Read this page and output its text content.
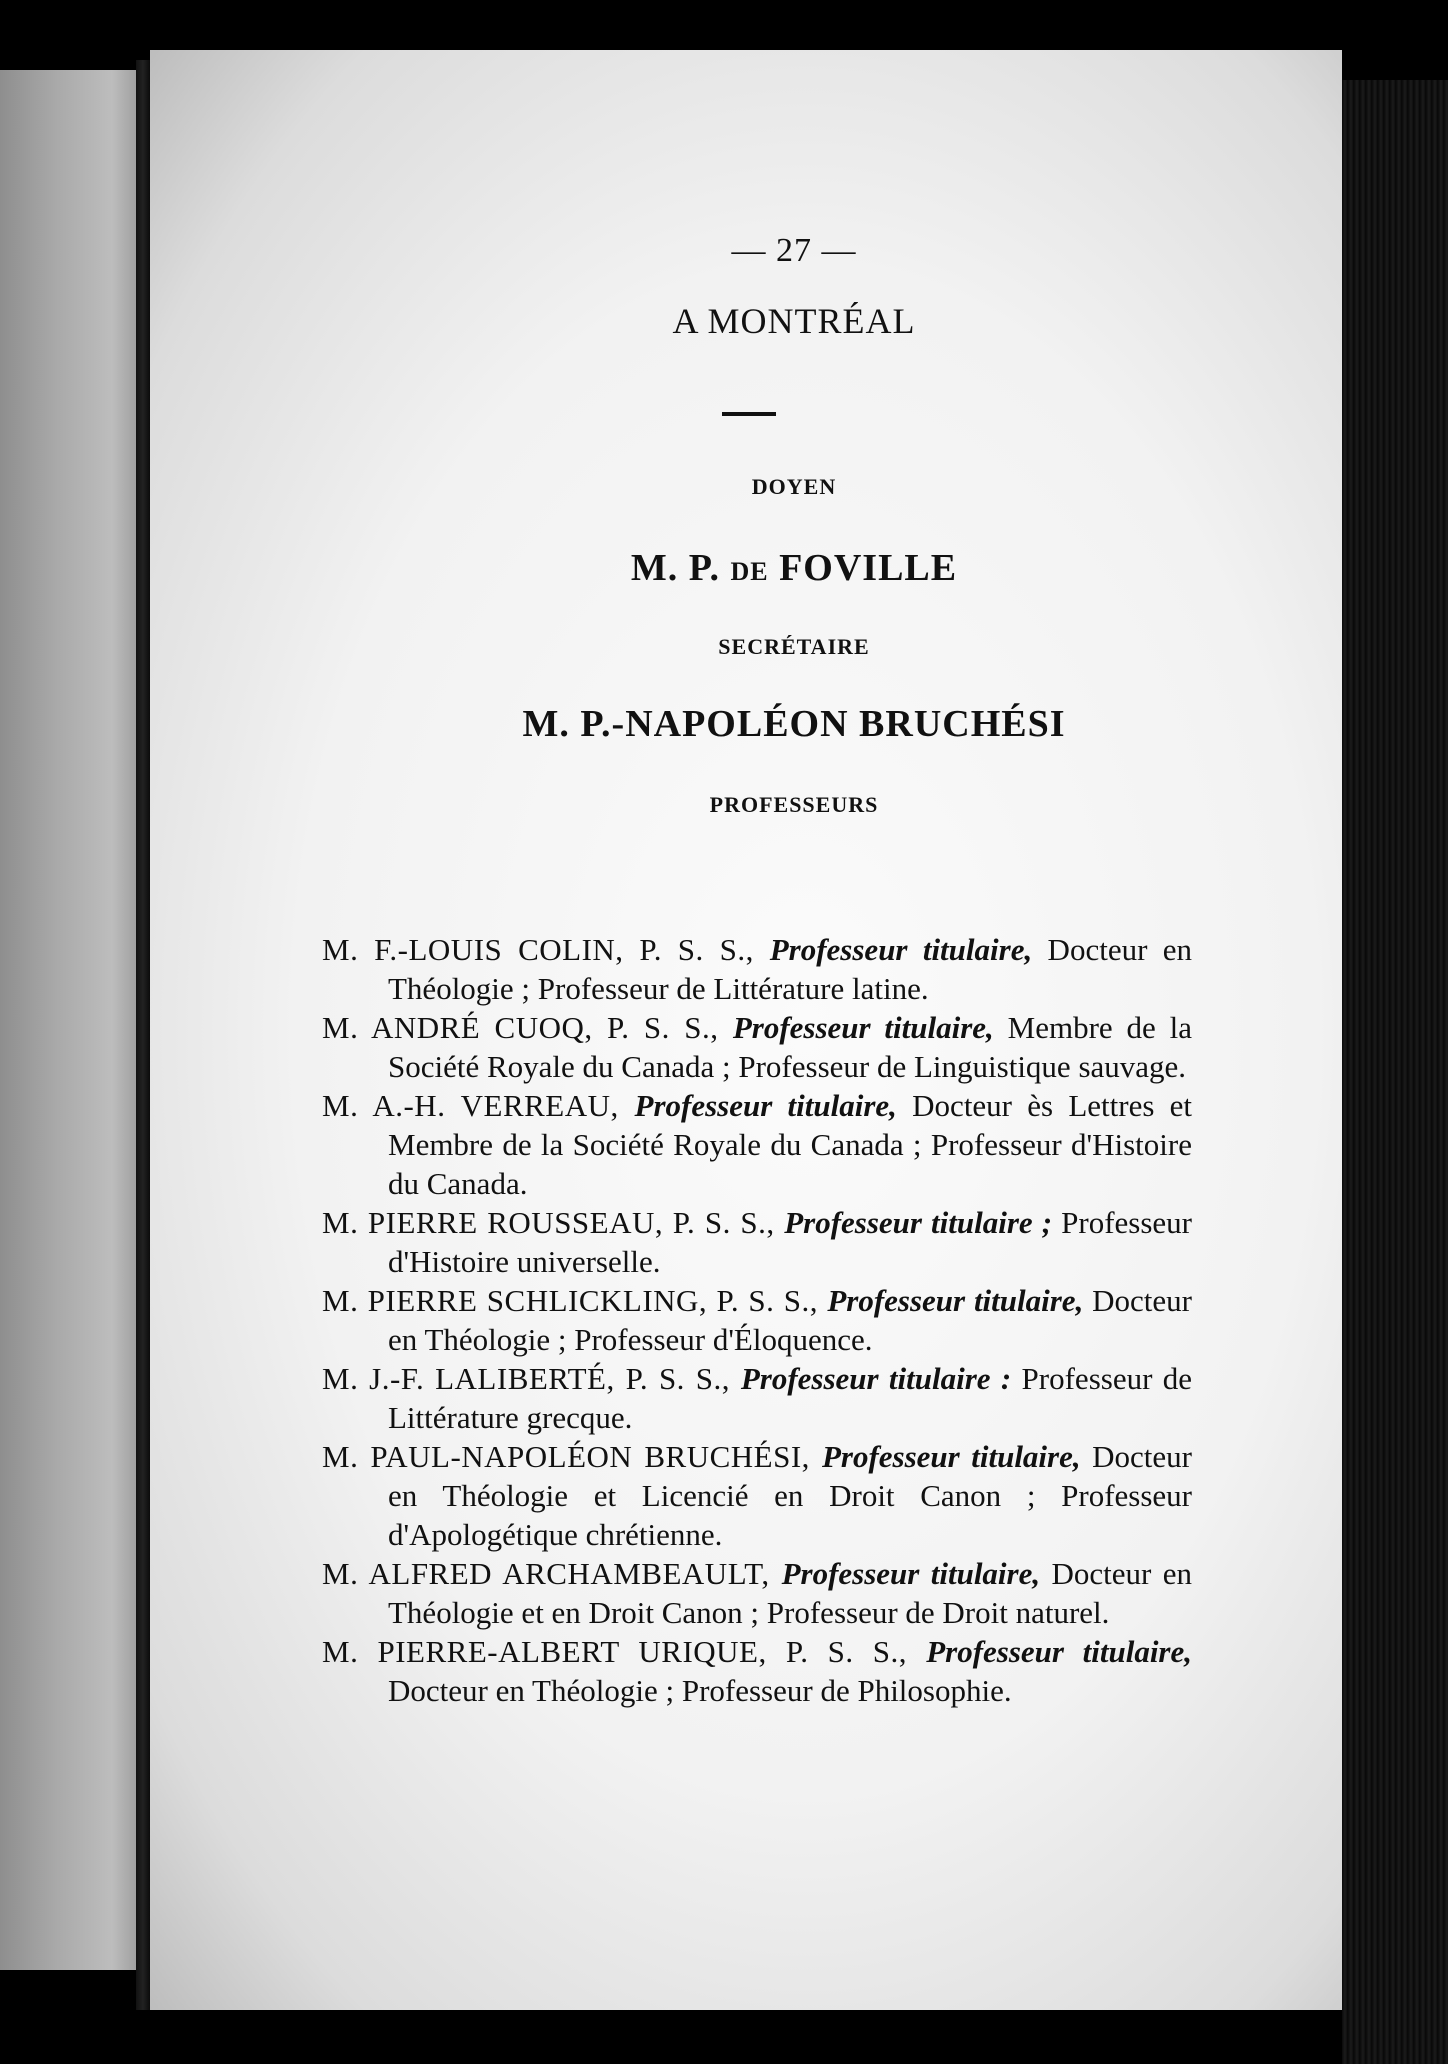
— 27 —
A MONTRÉAL
DOYEN
M. P. DE FOVILLE
SECRÉTAIRE
M. P.-NAPOLÉON BRUCHÉSI
PROFESSEURS

M. F.-LOUIS COLIN, P. S. S., Professeur titulaire, Docteur en Théologie ; Professeur de Littérature latine.

M. ANDRÉ CUOQ, P. S. S., Professeur titulaire, Membre de la Société Royale du Canada ; Professeur de Linguistique sauvage.

M. A.-H. VERREAU, Professeur titulaire, Docteur ès Lettres et Membre de la Société Royale du Canada ; Professeur d'Histoire du Canada.

M. PIERRE ROUSSEAU, P. S. S., Professeur titulaire ; Professeur d'Histoire universelle.

M. PIERRE SCHLICKLING, P. S. S., Professeur titulaire, Docteur en Théologie ; Professeur d'Éloquence.

M. J.-F. LALIBERTÉ, P. S. S., Professeur titulaire : Professeur de Littérature grecque.

M. PAUL-NAPOLÉON BRUCHÉSI, Professeur titulaire, Docteur en Théologie et Licencié en Droit Canon ; Professeur d'Apologétique chrétienne.

M. ALFRED ARCHAMBEAULT, Professeur titulaire, Docteur en Théologie et en Droit Canon ; Professeur de Droit naturel.

M. PIERRE-ALBERT URIQUE, P. S. S., Professeur titulaire, Docteur en Théologie ; Professeur de Philosophie.
